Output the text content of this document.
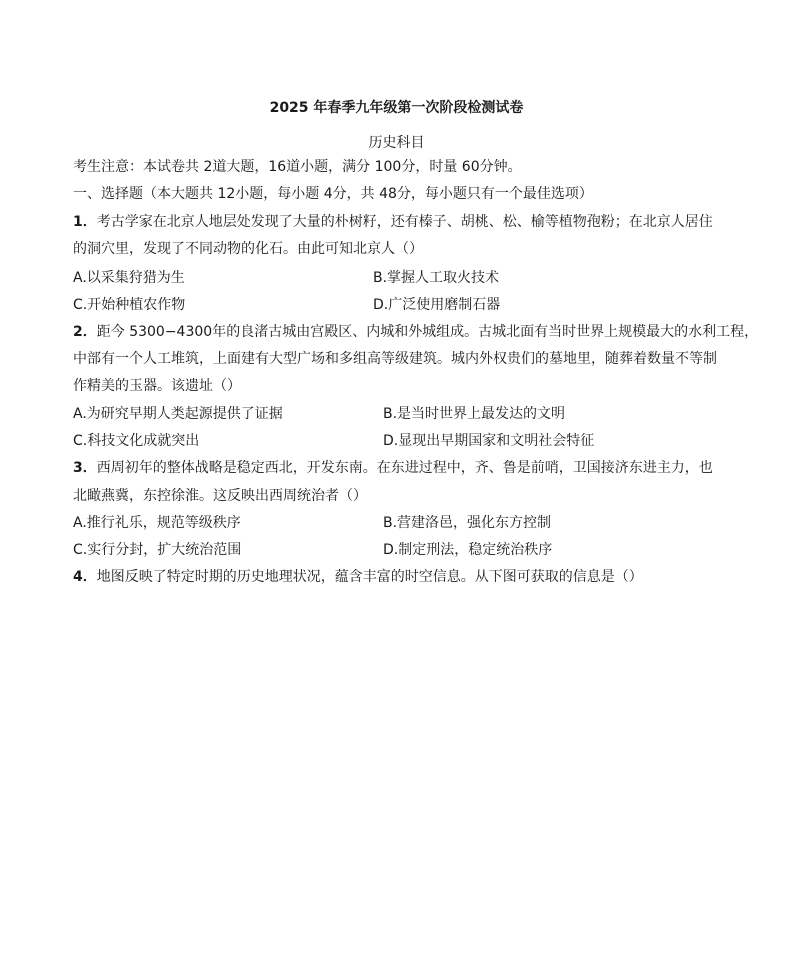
2025 年春季九年级第一次阶段检测试卷
历史科目
考生注意：本试卷共 2道大题，16道小题，满分 100分，时量 60分钟。
一、选择题（本大题共 12小题，每小题 4分，共 48分，每小题只有一个最佳选项）
1．考古学家在北京人地层处发现了大量的朴树籽，还有榛子、胡桃、松、榆等植物孢粉；在北京人居住
的洞穴里，发现了不同动物的化石。由此可知北京人（）
A.以采集狩猎为生	B.掌握人工取火技术
C.开始种植农作物	D.广泛使用磨制石器
2．距今 5300−4300年的良渚古城由宫殿区、内城和外城组成。古城北面有当时世界上规模最大的水利工程，
中部有一个人工堆筑，上面建有大型广场和多组高等级建筑。城内外权贵们的墓地里，随葬着数量不等制
作精美的玉器。该遗址（）
A.为研究早期人类起源提供了证据	B.是当时世界上最发达的文明
C.科技文化成就突出	D.显现出早期国家和文明社会特征
3．西周初年的整体战略是稳定西北，开发东南。在东进过程中，齐、鲁是前哨，卫国接济东进主力，也
北瞰燕冀，东控徐淮。这反映出西周统治者（）
A.推行礼乐，规范等级秩序	B.营建洛邑，强化东方控制
C.实行分封，扩大统治范围	D.制定刑法，稳定统治秩序
4．地图反映了特定时期的历史地理状况，蕴含丰富的时空信息。从下图可获取的信息是（）
